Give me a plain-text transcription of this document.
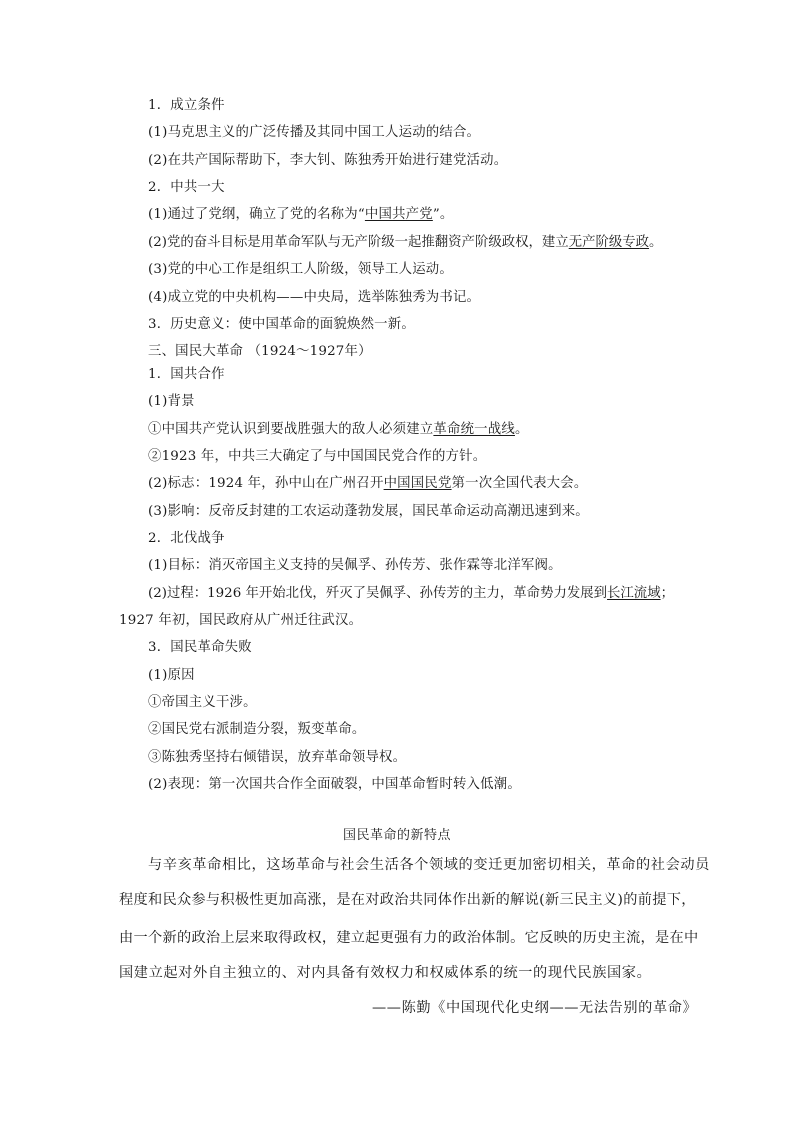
1．成立条件
(1)马克思主义的广泛传播及其同中国工人运动的结合。
(2)在共产国际帮助下，李大钊、陈独秀开始进行建党活动。
2．中共一大
(1)通过了党纲，确立了党的名称为“中国共产党”。
(2)党的奋斗目标是用革命军队与无产阶级一起推翻资产阶级政权，建立无产阶级专政。
(3)党的中心工作是组织工人阶级，领导工人运动。
(4)成立党的中央机构——中央局，选举陈独秀为书记。
3．历史意义：使中国革命的面貌焕然一新。
三、国民大革命 （1924～1927年）
1．国共合作
(1)背景
①中国共产党认识到要战胜强大的敌人必须建立革命统一战线。
②1923 年，中共三大确定了与中国国民党合作的方针。
(2)标志：1924 年，孙中山在广州召开中国国民党第一次全国代表大会。
(3)影响：反帝反封建的工农运动蓬勃发展，国民革命运动高潮迅速到来。
2．北伐战争
(1)目标：消灭帝国主义支持的吴佩孚、孙传芳、张作霖等北洋军阀。
(2)过程：1926 年开始北伐，歼灭了吴佩孚、孙传芳的主力，革命势力发展到长江流域；
1927 年初，国民政府从广州迁往武汉。
3．国民革命失败
(1)原因
①帝国主义干涉。
②国民党右派制造分裂，叛变革命。
③陈独秀坚持右倾错误，放弃革命领导权。
(2)表现：第一次国共合作全面破裂，中国革命暂时转入低潮。
国民革命的新特点
与辛亥革命相比，这场革命与社会生活各个领域的变迁更加密切相关，革命的社会动员
程度和民众参与积极性更加高涨，是在对政治共同体作出新的解说(新三民主义)的前提下，
由一个新的政治上层来取得政权，建立起更强有力的政治体制。它反映的历史主流，是在中
国建立起对外自主独立的、对内具备有效权力和权威体系的统一的现代民族国家。
——陈勤《中国现代化史纲——无法告别的革命》
